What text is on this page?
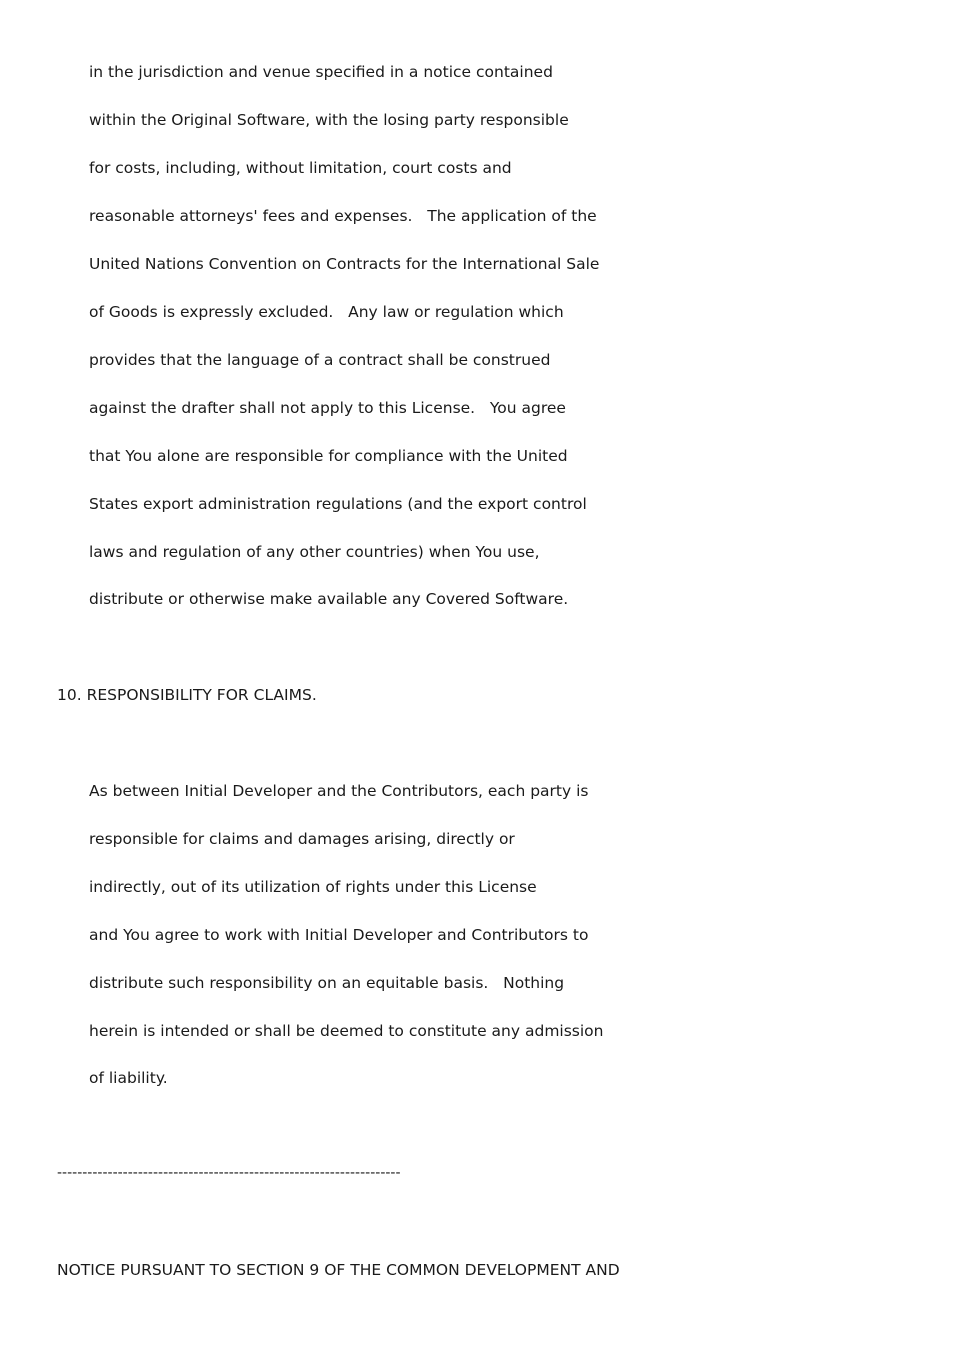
in the jurisdiction and venue specified in a notice contained
within the Original Software, with the losing party responsible
for costs, including, without limitation, court costs and
reasonable attorneys' fees and expenses.   The application of the
United Nations Convention on Contracts for the International Sale
of Goods is expressly excluded.   Any law or regulation which
provides that the language of a contract shall be construed
against the drafter shall not apply to this License.   You agree
that You alone are responsible for compliance with the United
States export administration regulations (and the export control
laws and regulation of any other countries) when You use,
distribute or otherwise make available any Covered Software.
10. RESPONSIBILITY FOR CLAIMS.
As between Initial Developer and the Contributors, each party is
responsible for claims and damages arising, directly or
indirectly, out of its utilization of rights under this License
and You agree to work with Initial Developer and Contributors to
distribute such responsibility on an equitable basis.   Nothing
herein is intended or shall be deemed to constitute any admission
of liability.
--------------------------------------------------------------------
NOTICE PURSUANT TO SECTION 9 OF THE COMMON DEVELOPMENT AND
